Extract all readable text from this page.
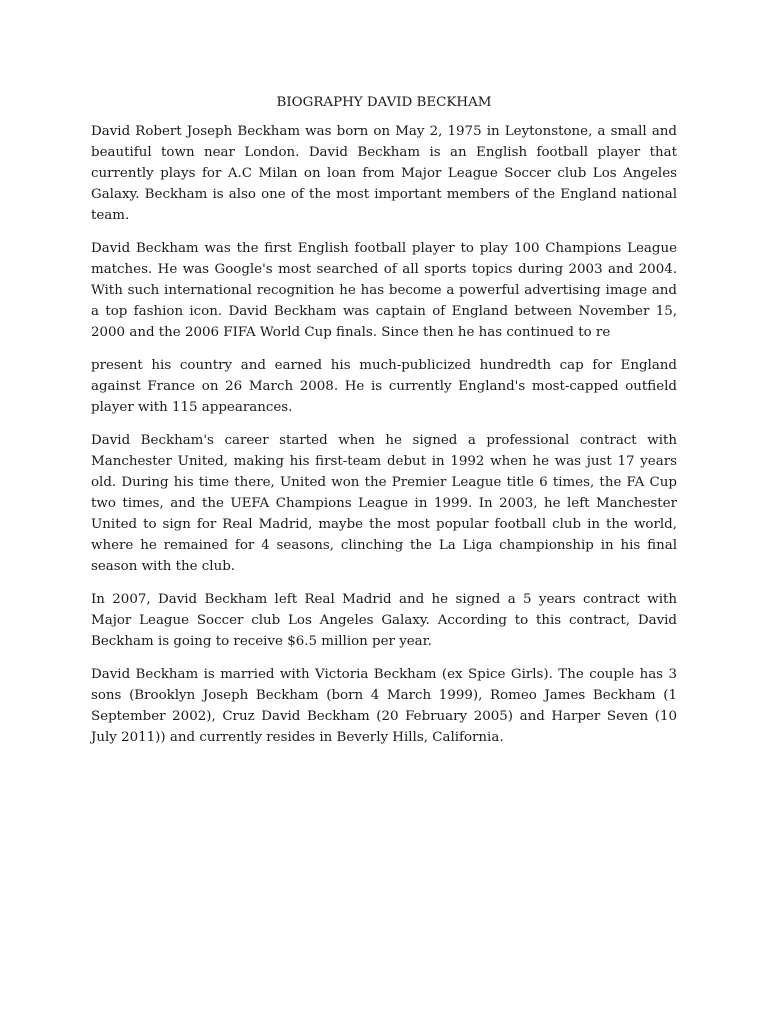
BIOGRAPHY DAVID BECKHAM

David Robert Joseph Beckham was born on May 2, 1975 in Leytonstone, a small and beautiful town near London. David Beckham is an English football player that currently plays for A.C Milan on loan from Major League Soccer club Los Angeles Galaxy. Beckham is also one of the most important members of the England national team.

David Beckham was the first English football player to play 100 Champions League matches. He was Google's most searched of all sports topics during 2003 and 2004. With such international recognition he has become a powerful advertising image and a top fashion icon. David Beckham was captain of England between November 15, 2000 and the 2006 FIFA World Cup finals. Since then he has continued to re

present his country and earned his much-publicized hundredth cap for England against France on 26 March 2008. He is currently England's most-capped outfield player with 115 appearances.

David Beckham's career started when he signed a professional contract with Manchester United, making his first-team debut in 1992 when he was just 17 years old. During his time there, United won the Premier League title 6 times, the FA Cup two times, and the UEFA Champions League in 1999. In 2003, he left Manchester United to sign for Real Madrid, maybe the most popular football club in the world, where he remained for 4 seasons, clinching the La Liga championship in his final season with the club.

In 2007, David Beckham left Real Madrid and he signed a 5 years contract with Major League Soccer club Los Angeles Galaxy. According to this contract, David Beckham is going to receive $6.5 million per year.

David Beckham is married with Victoria Beckham (ex Spice Girls). The couple has 3 sons (Brooklyn Joseph Beckham (born 4 March 1999), Romeo James Beckham (1 September 2002), Cruz David Beckham (20 February 2005) and Harper Seven (10 July 2011)) and currently resides in Beverly Hills, California.
